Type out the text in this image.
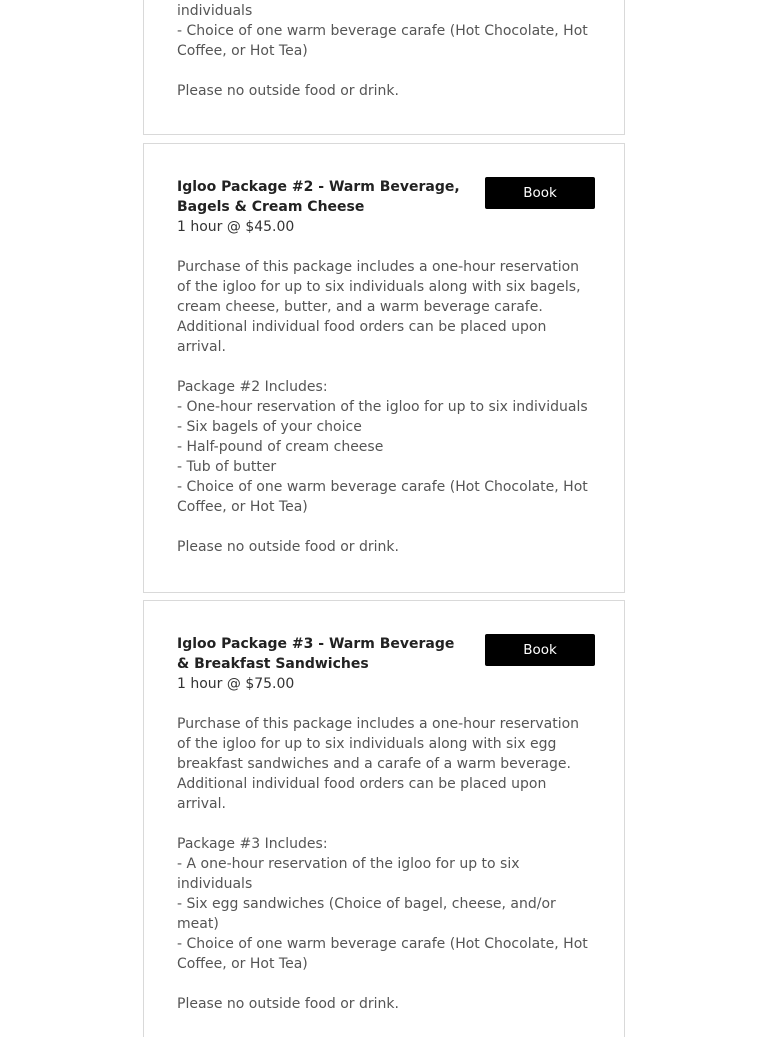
individuals

- Choice of one warm beverage carafe (Hot Chocolate, Hot Coffee, or Hot Tea)

Please no outside food or drink.

Igloo Package #2 - Warm Beverage, Bagels & Cream Cheese

1 hour @ $45.00

Book

Purchase of this package includes a one-hour reservation of the igloo for up to six individuals along with six bagels, cream cheese, butter, and a warm beverage carafe. Additional individual food orders can be placed upon arrival.

Package #2 Includes:

- One-hour reservation of the igloo for up to six individuals

- Six bagels of your choice

- Half-pound of cream cheese

- Tub of butter

- Choice of one warm beverage carafe (Hot Chocolate, Hot Coffee, or Hot Tea)

Please no outside food or drink.

Igloo Package #3 - Warm Beverage & Breakfast Sandwiches

1 hour @ $75.00

Book

Purchase of this package includes a one-hour reservation of the igloo for up to six individuals along with six egg breakfast sandwiches and a carafe of a warm beverage. Additional individual food orders can be placed upon arrival.

Package #3 Includes:

- A one-hour reservation of the igloo for up to six individuals

- Six egg sandwiches (Choice of bagel, cheese, and/or meat)

- Choice of one warm beverage carafe (Hot Chocolate, Hot Coffee, or Hot Tea)

Please no outside food or drink.
